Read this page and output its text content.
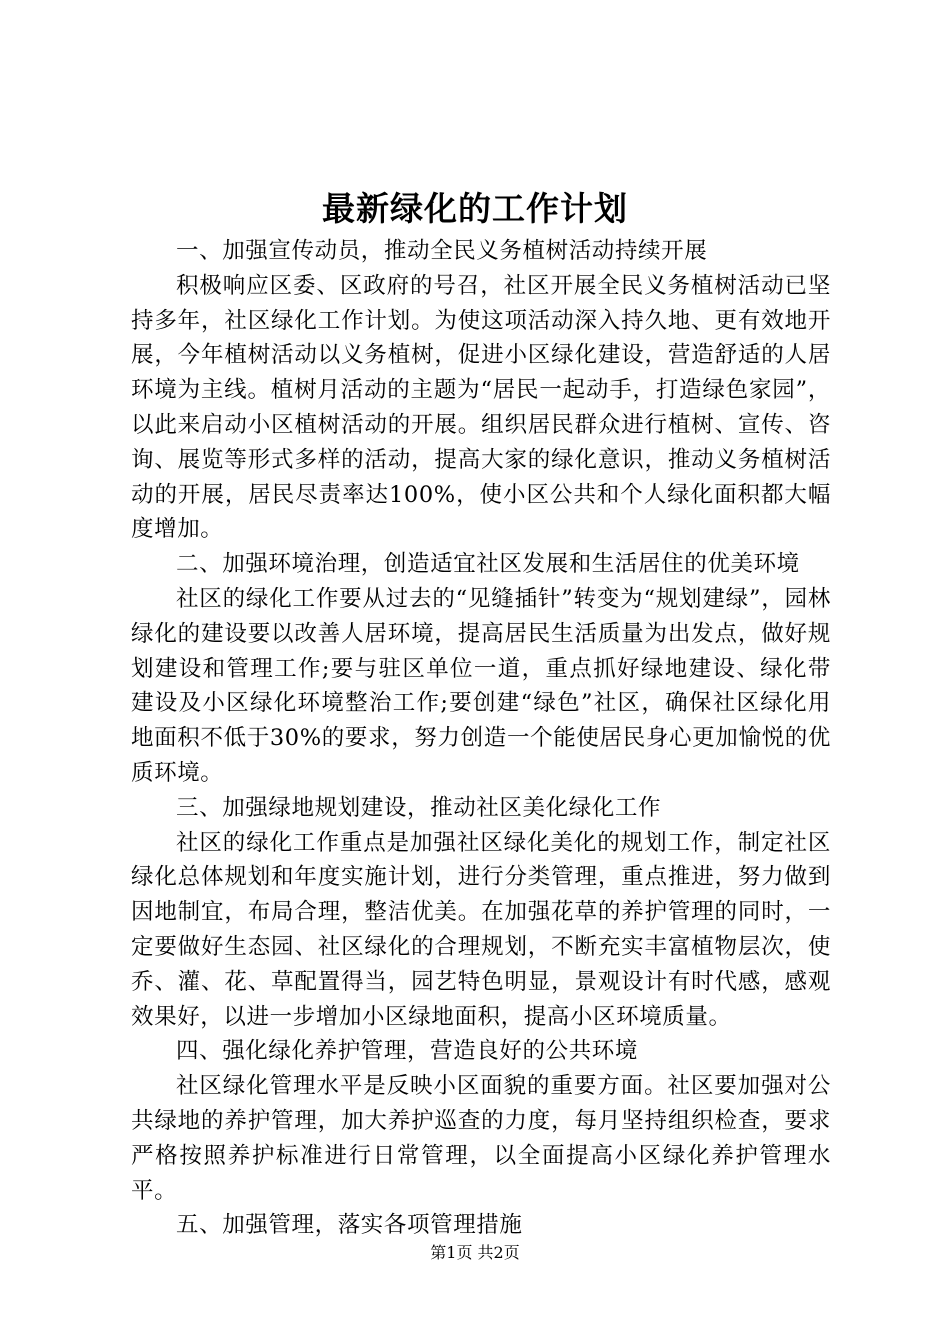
最新绿化的工作计划

一、加强宣传动员，推动全民义务植树活动持续开展

积极响应区委、区政府的号召，社区开展全民义务植树活动已坚持多年，社区绿化工作计划。为使这项活动深入持久地、更有效地开展，今年植树活动以义务植树，促进小区绿化建设，营造舒适的人居环境为主线。植树月活动的主题为“居民一起动手，打造绿色家园”，以此来启动小区植树活动的开展。组织居民群众进行植树、宣传、咨询、展览等形式多样的活动，提高大家的绿化意识，推动义务植树活动的开展，居民尽责率达100%，使小区公共和个人绿化面积都大幅度增加。

二、加强环境治理，创造适宜社区发展和生活居住的优美环境

社区的绿化工作要从过去的“见缝插针”转变为“规划建绿”，园林绿化的建设要以改善人居环境，提高居民生活质量为出发点，做好规划建设和管理工作;要与驻区单位一道，重点抓好绿地建设、绿化带建设及小区绿化环境整治工作;要创建“绿色”社区，确保社区绿化用地面积不低于30%的要求，努力创造一个能使居民身心更加愉悦的优质环境。

三、加强绿地规划建设，推动社区美化绿化工作

社区的绿化工作重点是加强社区绿化美化的规划工作，制定社区绿化总体规划和年度实施计划，进行分类管理，重点推进，努力做到因地制宜，布局合理，整洁优美。在加强花草的养护管理的同时，一定要做好生态园、社区绿化的合理规划，不断充实丰富植物层次，使乔、灌、花、草配置得当，园艺特色明显，景观设计有时代感，感观效果好，以进一步增加小区绿地面积，提高小区环境质量。

四、强化绿化养护管理，营造良好的公共环境

社区绿化管理水平是反映小区面貌的重要方面。社区要加强对公共绿地的养护管理，加大养护巡查的力度，每月坚持组织检查，要求严格按照养护标准进行日常管理，以全面提高小区绿化养护管理水平。

五、加强管理，落实各项管理措施

第1页 共2页
